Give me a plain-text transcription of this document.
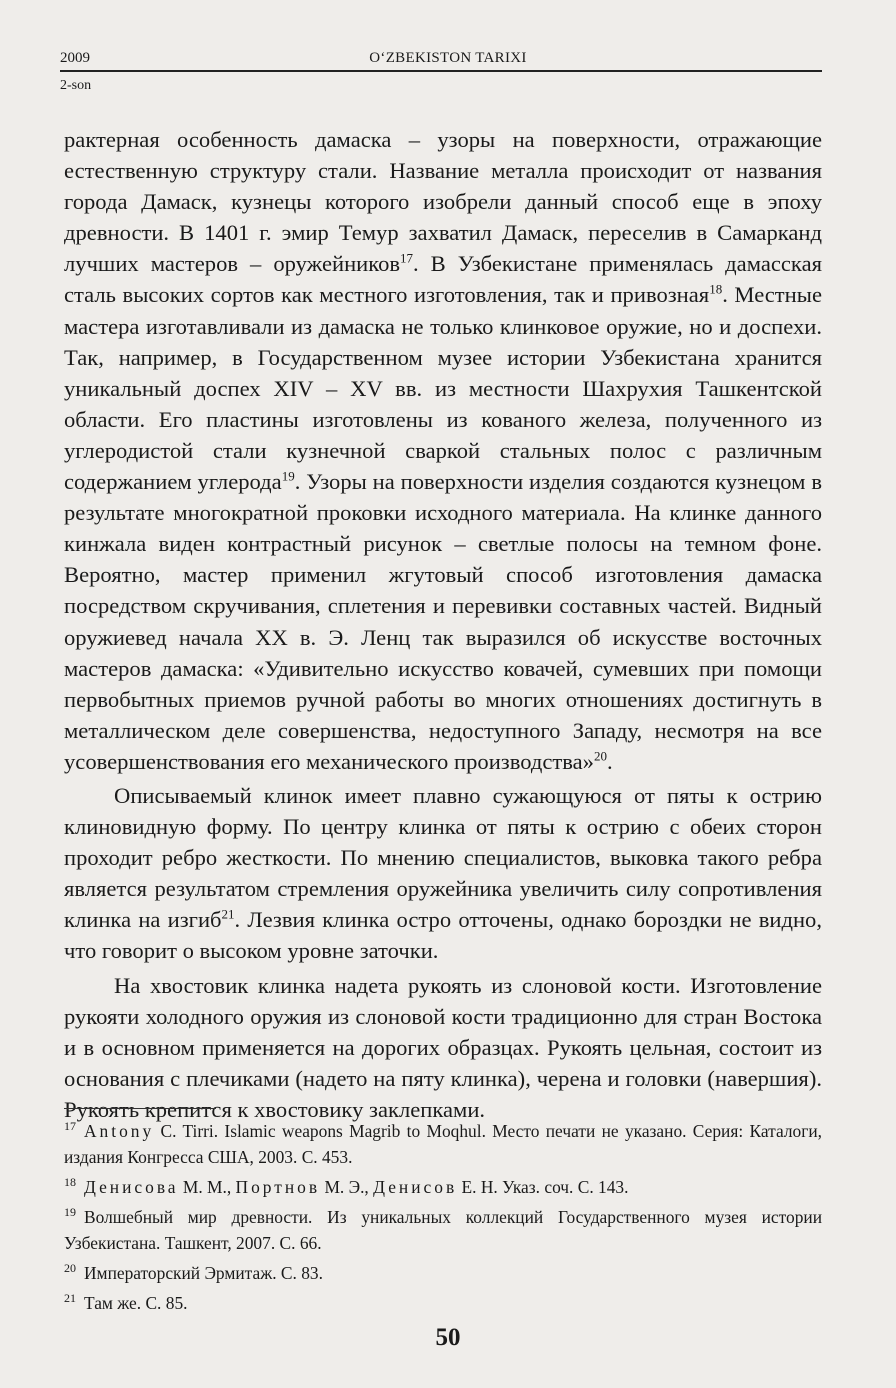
2009	O‘ZBEKISTON TARIXI
2-son

рактерная особенность дамаска – узоры на поверхности, отражающие естественную структуру стали. Название металла происходит от названия города Дамаск, кузнецы которого изобрели данный способ еще в эпоху древности. В 1401 г. эмир Темур захватил Дамаск, переселив в Самарканд лучших мастеров – оружейников$^{17}$. В Узбекистане применялась дамасская сталь высоких сортов как местного изготовления, так и привозная$^{18}$. Местные мастера изготавливали из дамаска не только клинковое оружие, но и доспехи. Так, например, в Государственном музее истории Узбекистана хранится уникальный доспех XIV – XV вв. из местности Шахрухия Ташкентской области. Его пластины изготовлены из кованого железа, полученного из углеродистой стали кузнечной сваркой стальных полос с различным содержанием углерода$^{19}$. Узоры на поверхности изделия создаются кузнецом в результате многократной проковки исходного материала. На клинке данного кинжала виден контрастный рисунок – светлые полосы на темном фоне. Вероятно, мастер применил жгутовый способ изготовления дамаска посредством скручивания, сплетения и перевивки составных частей. Видный оружиевед начала XX в. Э. Ленц так выразился об искусстве восточных мастеров дамаска: «Удивительно искусство ковачей, сумевших при помощи первобытных приемов ручной работы во многих отношениях достигнуть в металлическом деле совершенства, недоступного Западу, несмотря на все усовершенствования его механического производства»$^{20}$.

Описываемый клинок имеет плавно сужающуюся от пяты к острию клиновидную форму. По центру клинка от пяты к острию с обеих сторон проходит ребро жесткости. По мнению специалистов, выковка такого ребра является результатом стремления оружейника увеличить силу сопротивления клинка на изгиб$^{21}$. Лезвия клинка остро отточены, однако бороздки не видно, что говорит о высоком уровне заточки.

На хвостовик клинка надета рукоять из слоновой кости. Изготовление рукояти холодного оружия из слоновой кости традиционно для стран Востока и в основном применяется на дорогих образцах. Рукоять цельная, состоит из основания с плечиками (надето на пяту клинка), черена и головки (навершия). Рукоять крепится к хвостовику заклепками.

$^{17}$ Antony C. Tirri. Islamic weapons Magrib to Moqhul. Место печати не указано. Серия: Каталоги, издания Конгресса США, 2003. С. 453.

$^{18}$ Денисова М. М., Портнов М. Э., Денисов Е. Н. Указ. соч. С. 143.

$^{19}$ Волшебный мир древности. Из уникальных коллекций Государственного музея истории Узбекистана. Ташкент, 2007. С. 66.

$^{20}$ Императорский Эрмитаж. С. 83.

$^{21}$ Там же. С. 85.

50
